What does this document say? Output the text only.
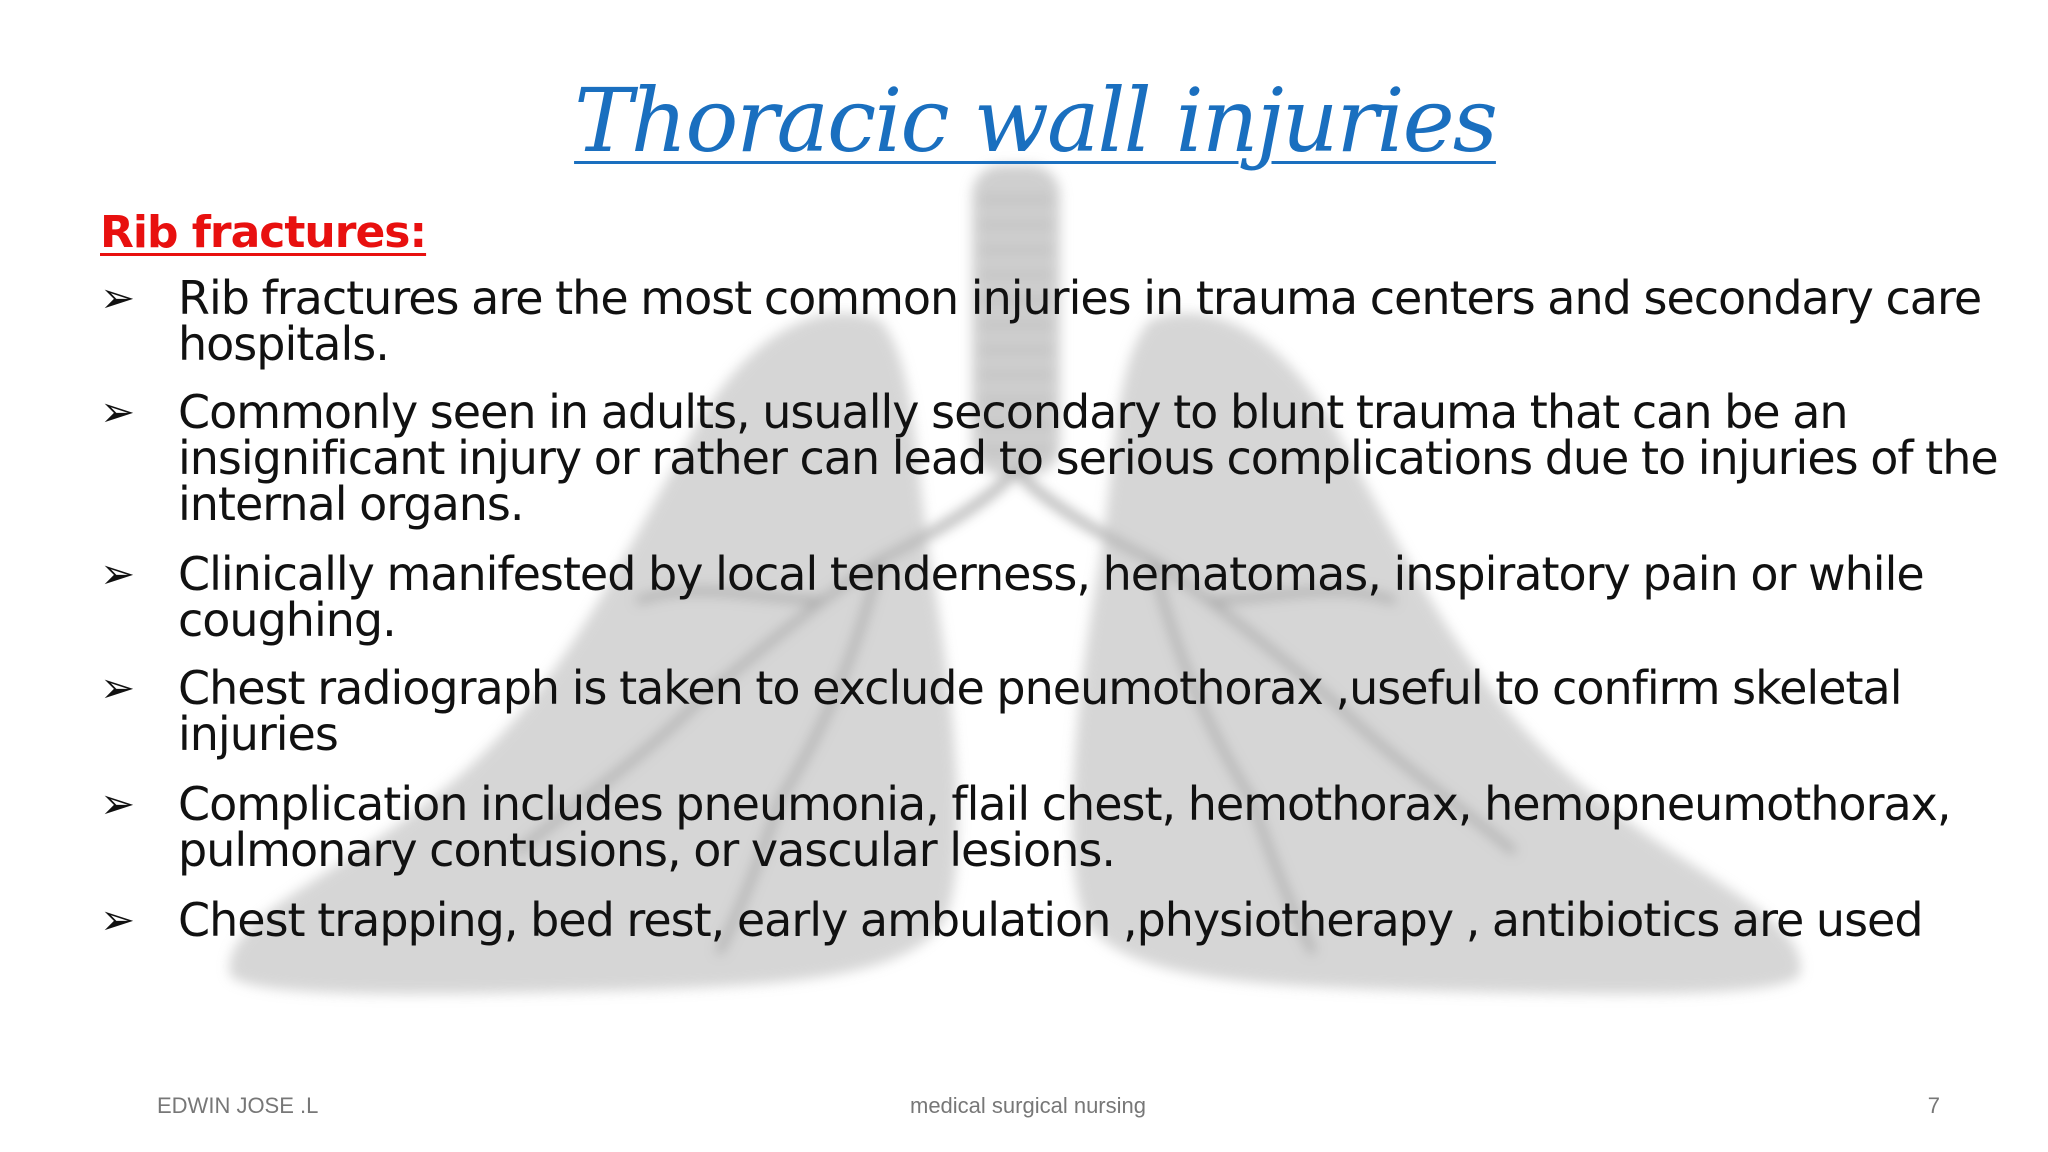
Thoracic wall injuries
Rib fractures:
➢ Rib fractures are the most common injuries in trauma centers and secondary care hospitals.
➢ Commonly seen in adults, usually secondary to blunt trauma that can be an insignificant injury or rather can lead to serious complications due to injuries of the internal organs.
➢ Clinically manifested by local tenderness, hematomas, inspiratory pain or while coughing.
➢ Chest radiograph is taken to exclude pneumothorax ,useful to confirm skeletal injuries
➢ Complication includes pneumonia, flail chest, hemothorax, hemopneumothorax, pulmonary contusions, or vascular lesions.
➢ Chest trapping, bed rest, early ambulation ,physiotherapy , antibiotics are used
EDWIN JOSE .L	medical surgical nursing	7
